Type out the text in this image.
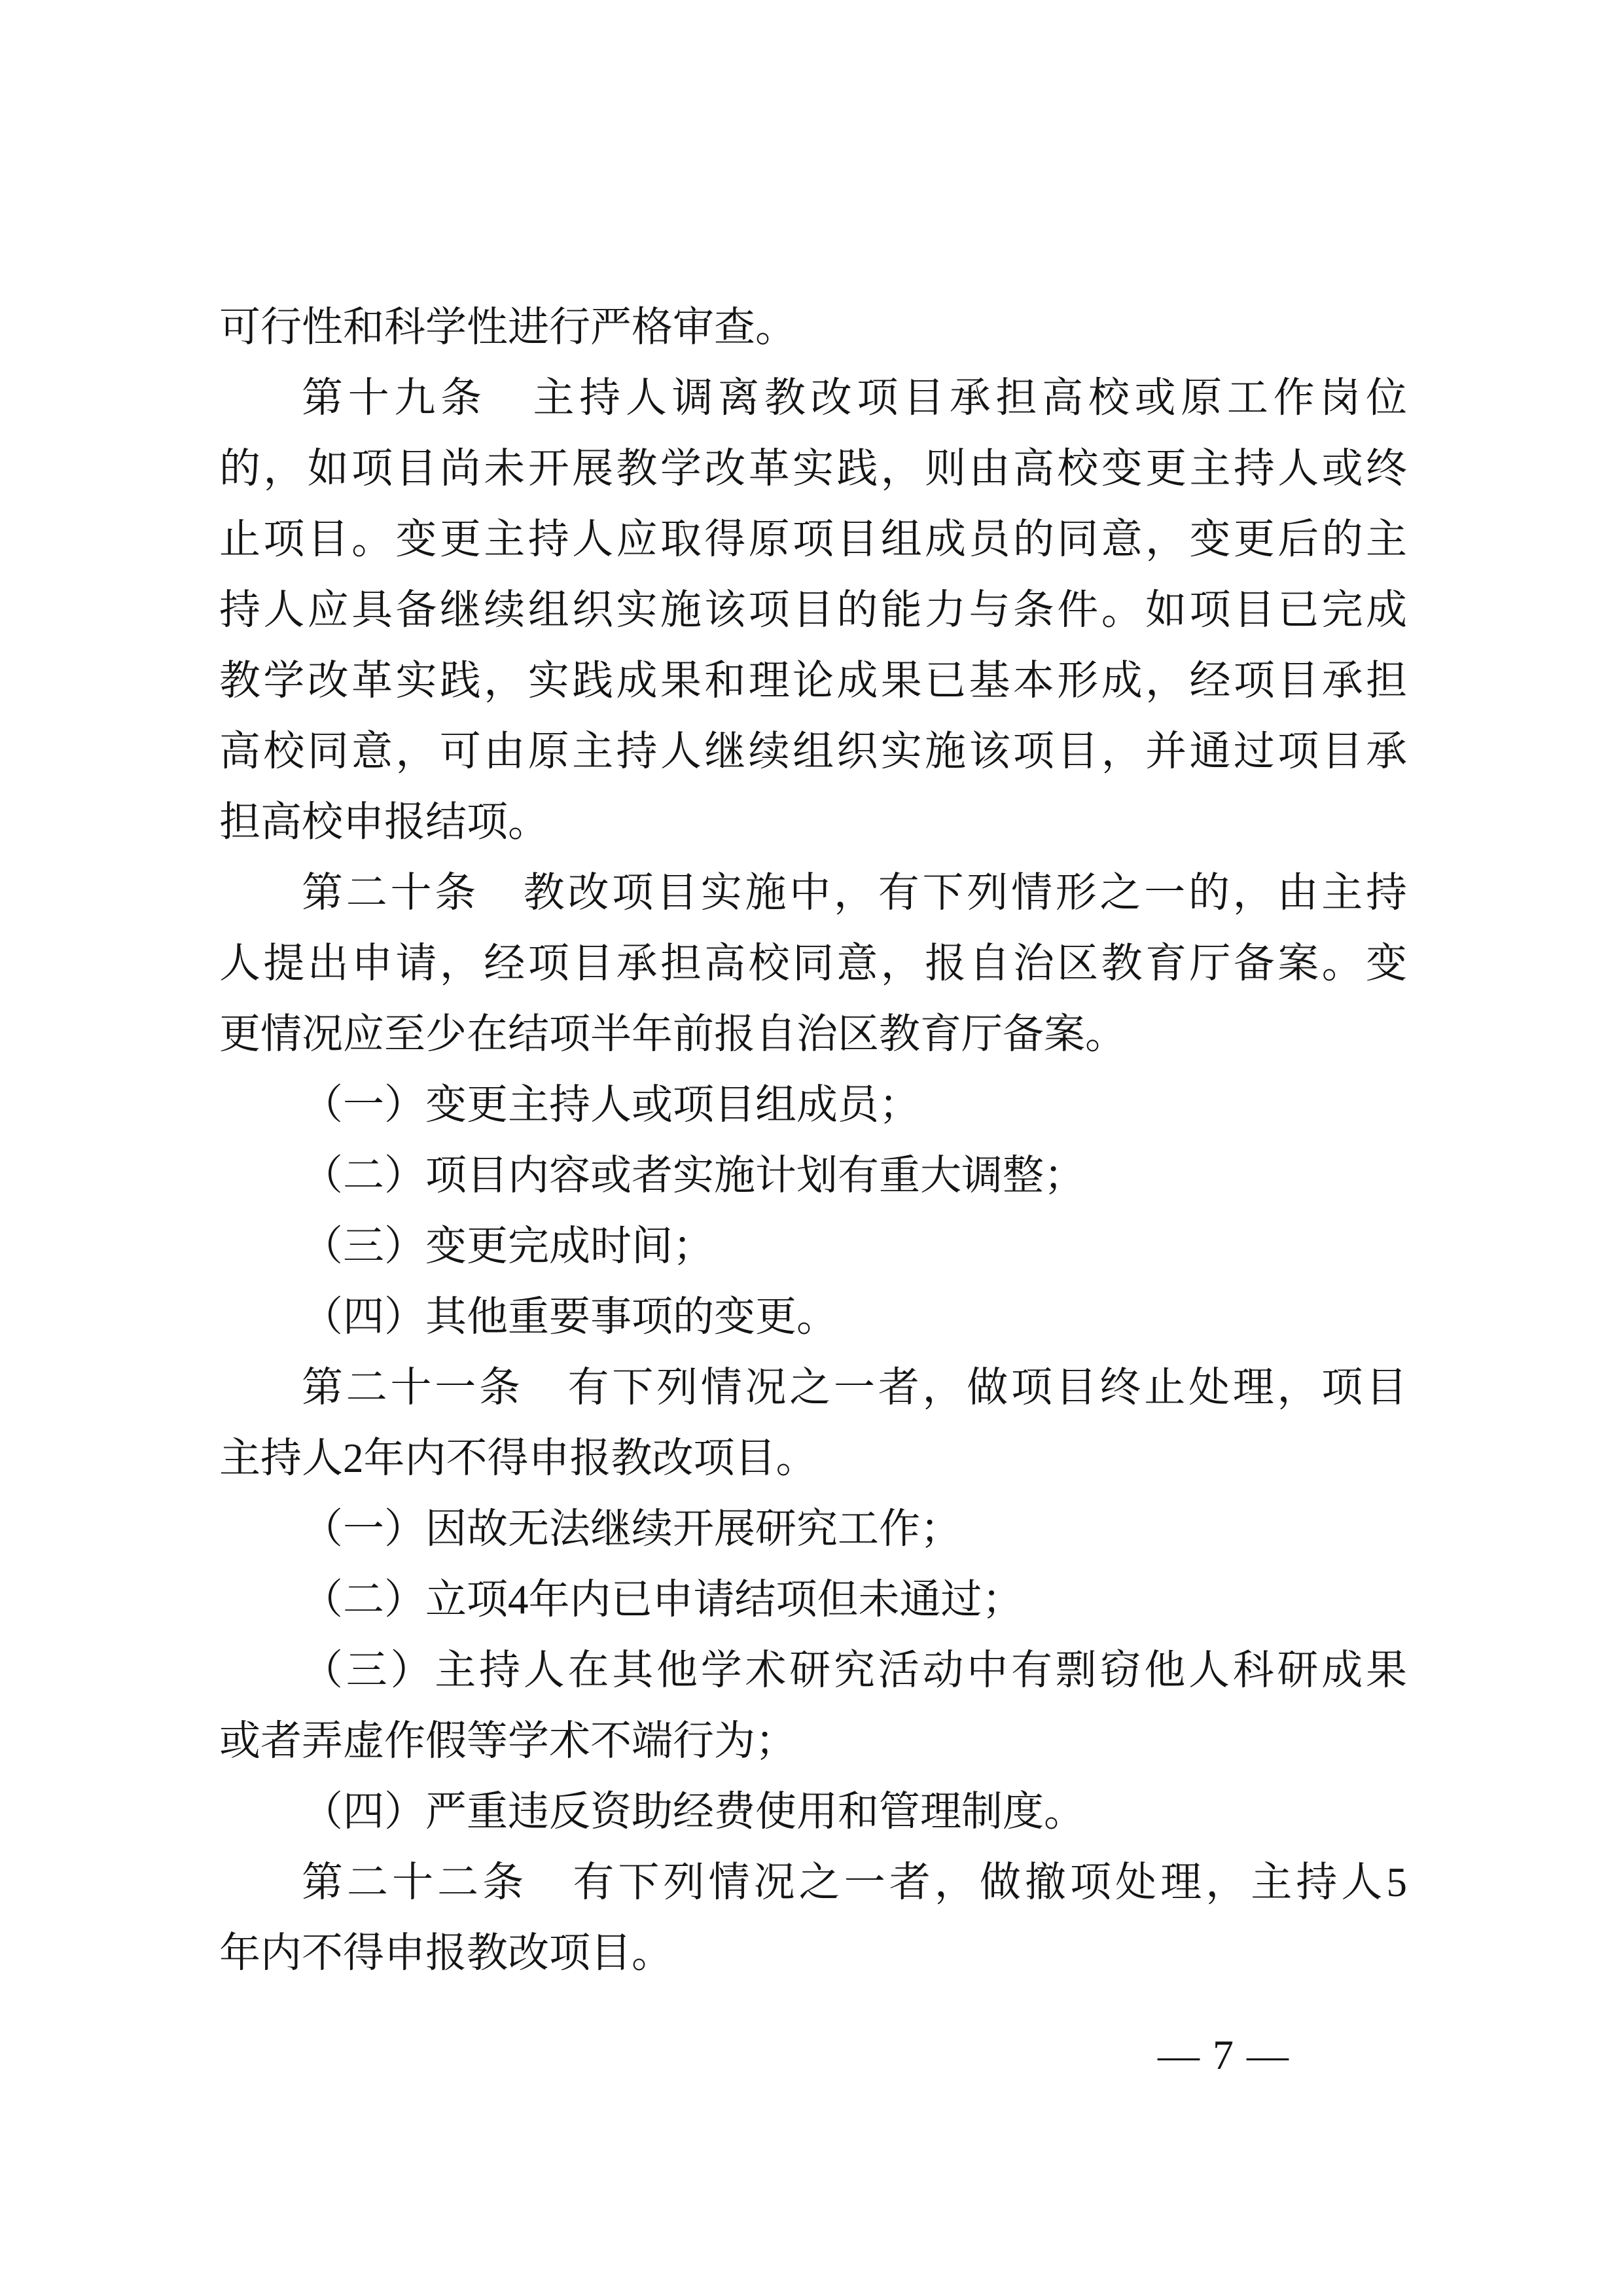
可行性和科学性进行严格审查。
第十九条　主持人调离教改项目承担高校或原工作岗位
的，如项目尚未开展教学改革实践，则由高校变更主持人或终
止项目。变更主持人应取得原项目组成员的同意，变更后的主
持人应具备继续组织实施该项目的能力与条件。如项目已完成
教学改革实践，实践成果和理论成果已基本形成，经项目承担
高校同意，可由原主持人继续组织实施该项目，并通过项目承
担高校申报结项。
第二十条　教改项目实施中，有下列情形之一的，由主持
人提出申请，经项目承担高校同意，报自治区教育厅备案。变
更情况应至少在结项半年前报自治区教育厅备案。
（一）变更主持人或项目组成员；
（二）项目内容或者实施计划有重大调整；
（三）变更完成时间；
（四）其他重要事项的变更。
第二十一条　有下列情况之一者，做项目终止处理，项目
主持人2年内不得申报教改项目。
（一）因故无法继续开展研究工作；
（二）立项4年内已申请结项但未通过；
（三）主持人在其他学术研究活动中有剽窃他人科研成果
或者弄虚作假等学术不端行为；
（四）严重违反资助经费使用和管理制度。
第二十二条　有下列情况之一者，做撤项处理，主持人5
年内不得申报教改项目。
— 7 —
